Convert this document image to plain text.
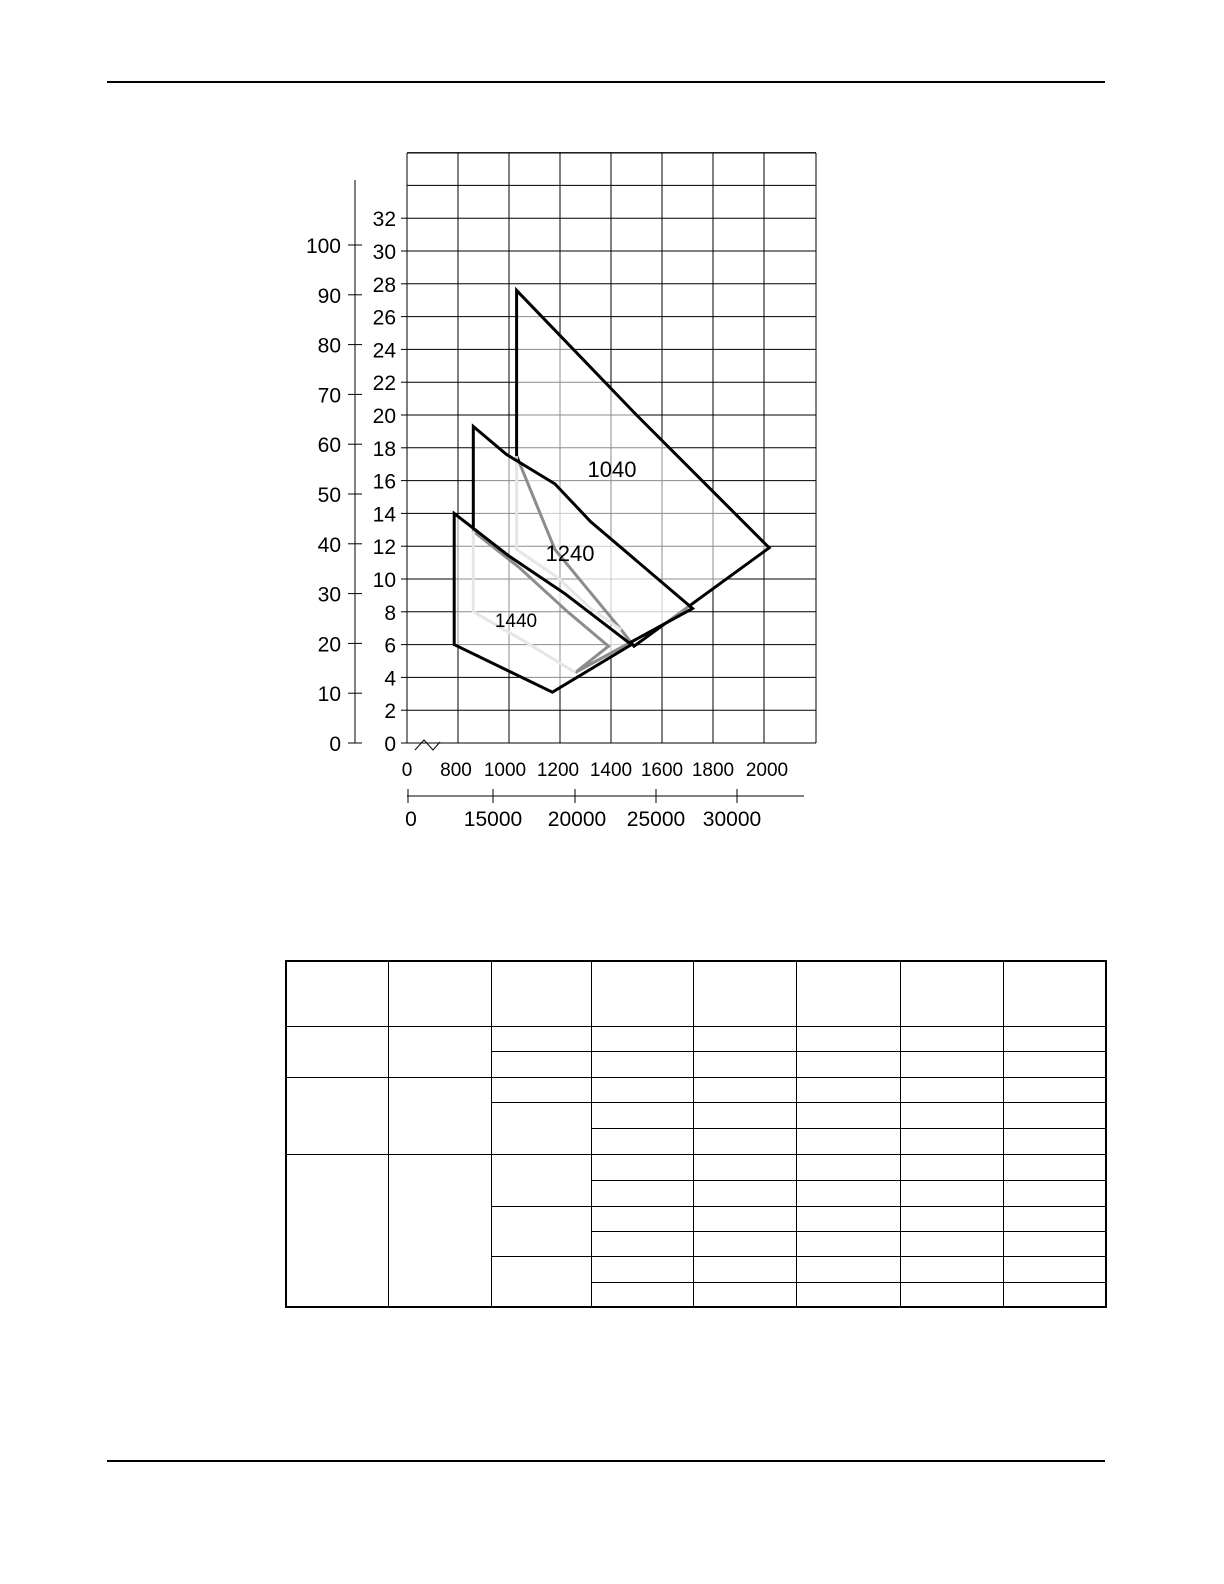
0
2
4
6
8
10
12
14
16
18
20
22
24
26
28
30
32
0
10
20
30
40
50
60
70
80
90
100
0 800 1000 1200 1400 1600 1800 2000
0 15000 20000 25000 30000
1040
1240
1440
